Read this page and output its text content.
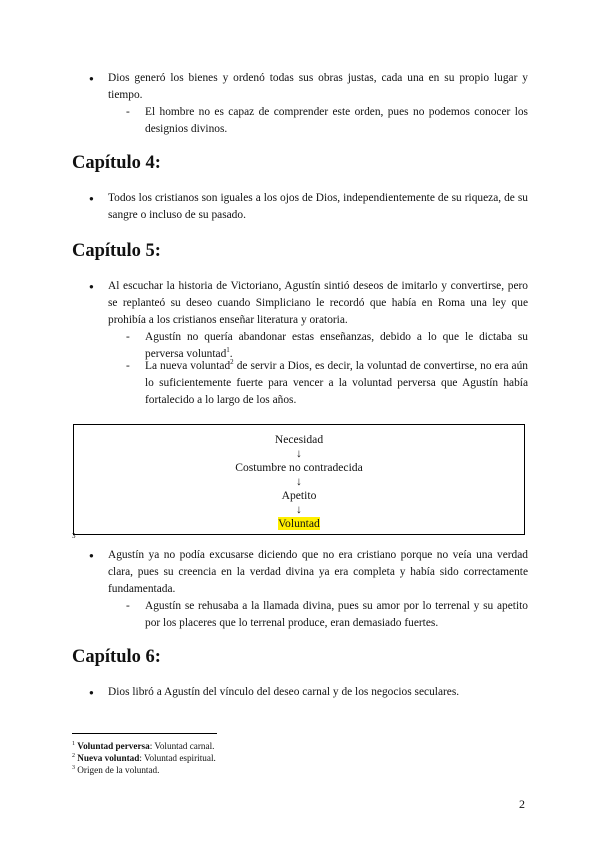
● Dios generó los bienes y ordenó todas sus obras justas, cada una en su propio lugar y tiempo.
- El hombre no es capaz de comprender este orden, pues no podemos conocer los designios divinos.
Capítulo 4:
● Todos los cristianos son iguales a los ojos de Dios, independientemente de su riqueza, de su sangre o incluso de su pasado.
Capítulo 5:
● Al escuchar la historia de Victoriano, Agustín sintió deseos de imitarlo y convertirse, pero se replanteó su deseo cuando Simpliciano le recordó que había en Roma una ley que prohibía a los cristianos enseñar literatura y oratoria.
- Agustín no quería abandonar estas enseñanzas, debido a lo que le dictaba su perversa voluntad$^1$.
- La nueva voluntad$^2$ de servir a Dios, es decir, la voluntad de convertirse, no era aún lo suficientemente fuerte para vencer a la voluntad perversa que Agustín había fortalecido a lo largo de los años.
Necesidad
↓
Costumbre no contradecida
↓
Apetito
↓
Voluntad
3
● Agustín ya no podía excusarse diciendo que no era cristiano porque no veía una verdad clara, pues su creencia en la verdad divina ya era completa y había sido correctamente fundamentada.
- Agustín se rehusaba a la llamada divina, pues su amor por lo terrenal y su apetito por los placeres que lo terrenal produce, eran demasiado fuertes.
Capítulo 6:
● Dios libró a Agustín del vínculo del deseo carnal y de los negocios seculares.
$^1$ Voluntad perversa: Voluntad carnal.
$^2$ Nueva voluntad: Voluntad espiritual.
$^3$ Origen de la voluntad.
2
